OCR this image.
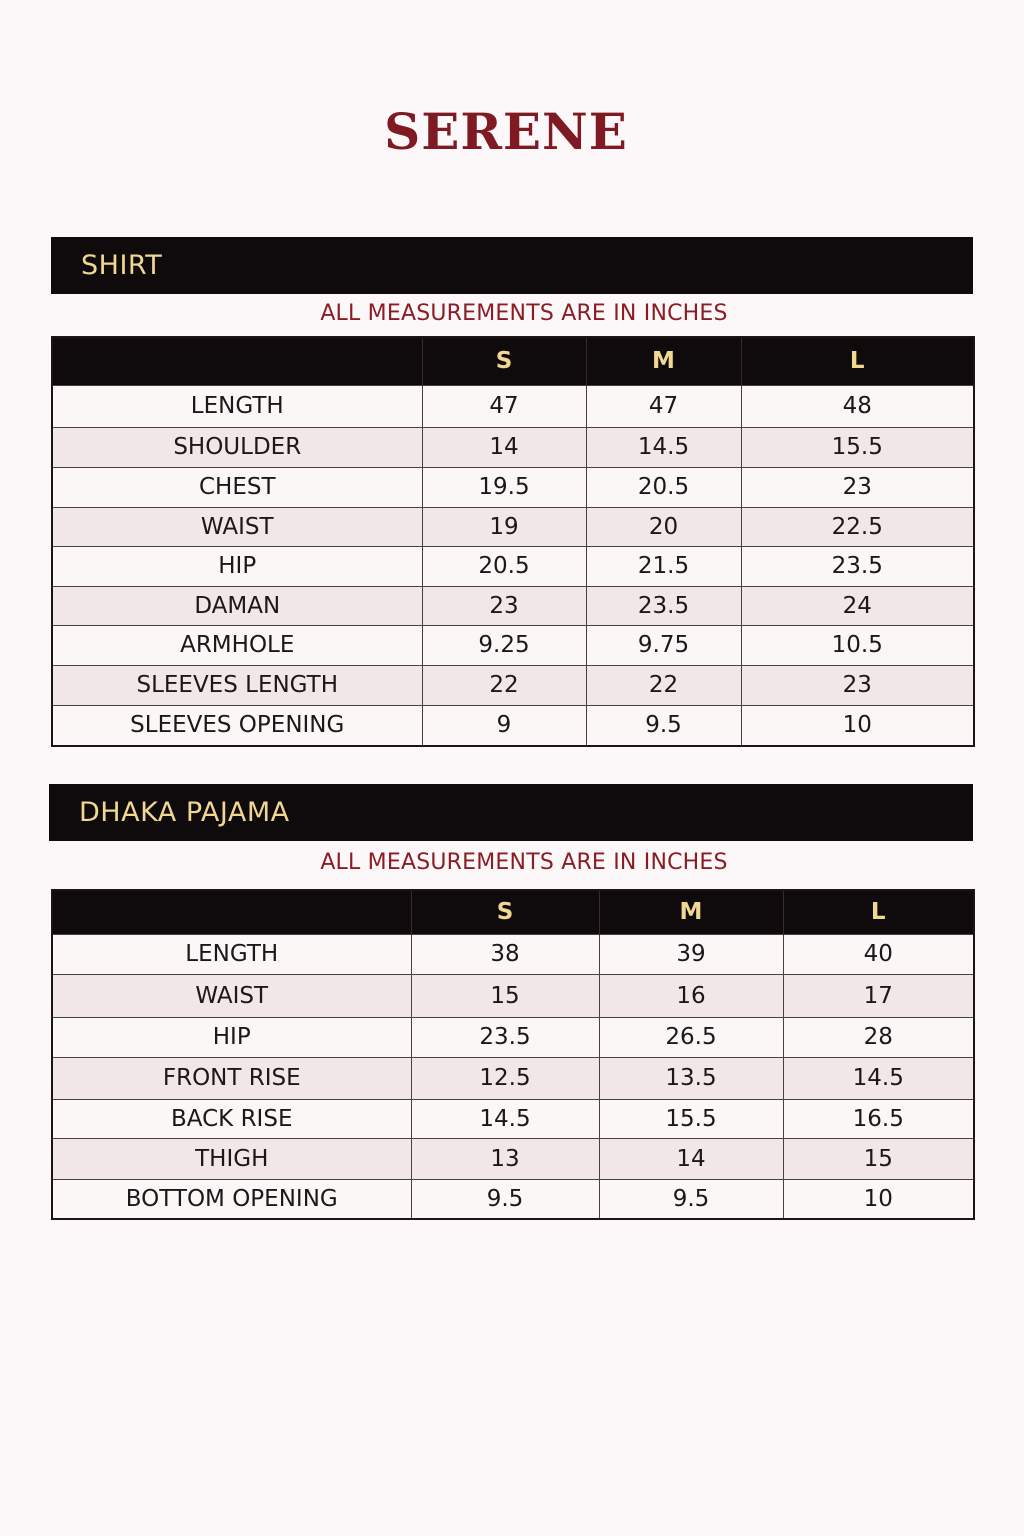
SERENE
SHIRT
ALL MEASUREMENTS ARE IN INCHES
	S	M	L
LENGTH	47	47	48
SHOULDER	14	14.5	15.5
CHEST	19.5	20.5	23
WAIST	19	20	22.5
HIP	20.5	21.5	23.5
DAMAN	23	23.5	24
ARMHOLE	9.25	9.75	10.5
SLEEVES LENGTH	22	22	23
SLEEVES OPENING	9	9.5	10
DHAKA PAJAMA
ALL MEASUREMENTS ARE IN INCHES
	S	M	L
LENGTH	38	39	40
WAIST	15	16	17
HIP	23.5	26.5	28
FRONT RISE	12.5	13.5	14.5
BACK RISE	14.5	15.5	16.5
THIGH	13	14	15
BOTTOM OPENING	9.5	9.5	10
